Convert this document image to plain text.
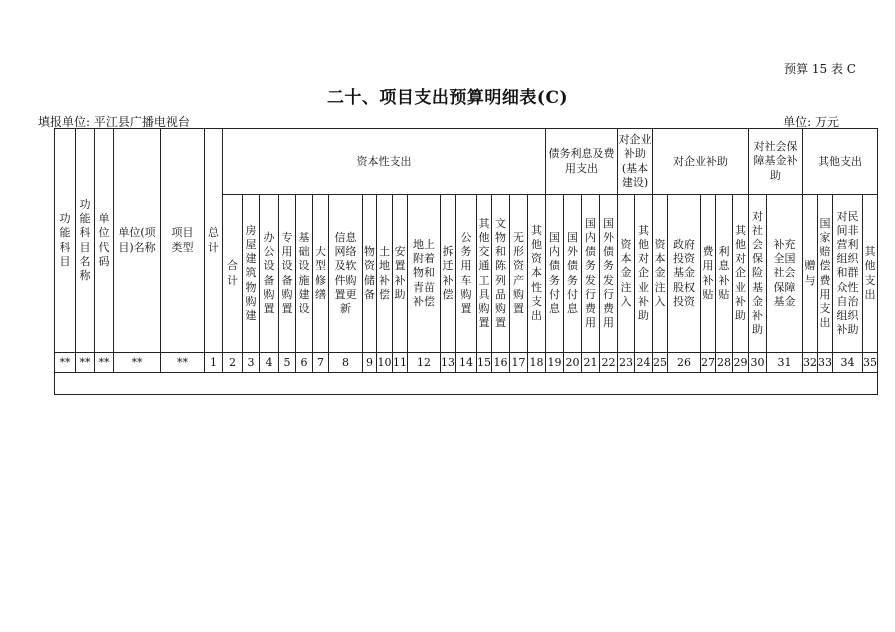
预算 15 表 C
二十、项目支出预算明细表(C)
填报单位: 平江县广播电视台	单位: 万元
功能科目	功能科目名称	单位代码	单位(项目)名称	项目类型	总计	资本性支出																	债务利息及费用支出				对企业补助(基本建设)		对企业补助					对社会保障基金补助		其他支出			
						合计	房屋建筑物购建	办公设备购置	专用设备购置	基础设施建设	大型修缮	信息网络及软件购置更新	物资储备	土地补偿	安置补助	地上附着物和青苗补偿	拆迁补偿	公务用车购置	其他交通工具购置	文物和陈列品购置	无形资产购置	其他资本性支出	国内债务付息	国外债务付息	国内债务发行费用	国外债务发行费用	资本金注入	其他对企业补助	资本金注入	政府投资基金股权投资	费用补贴	利息补贴	其他对企业补助	对社会保险基金补助	补充全国社会保障基金	赠与	国家赔偿费用支出	对民间非营利组织和群众性自治组织补助	其他支出
**	**	**	**	**	1	2	3	4	5	6	7	8	9	10	11	12	13	14	15	16	17	18	19	20	21	22	23	24	25	26	27	28	29	30	31	32	33	34	35
